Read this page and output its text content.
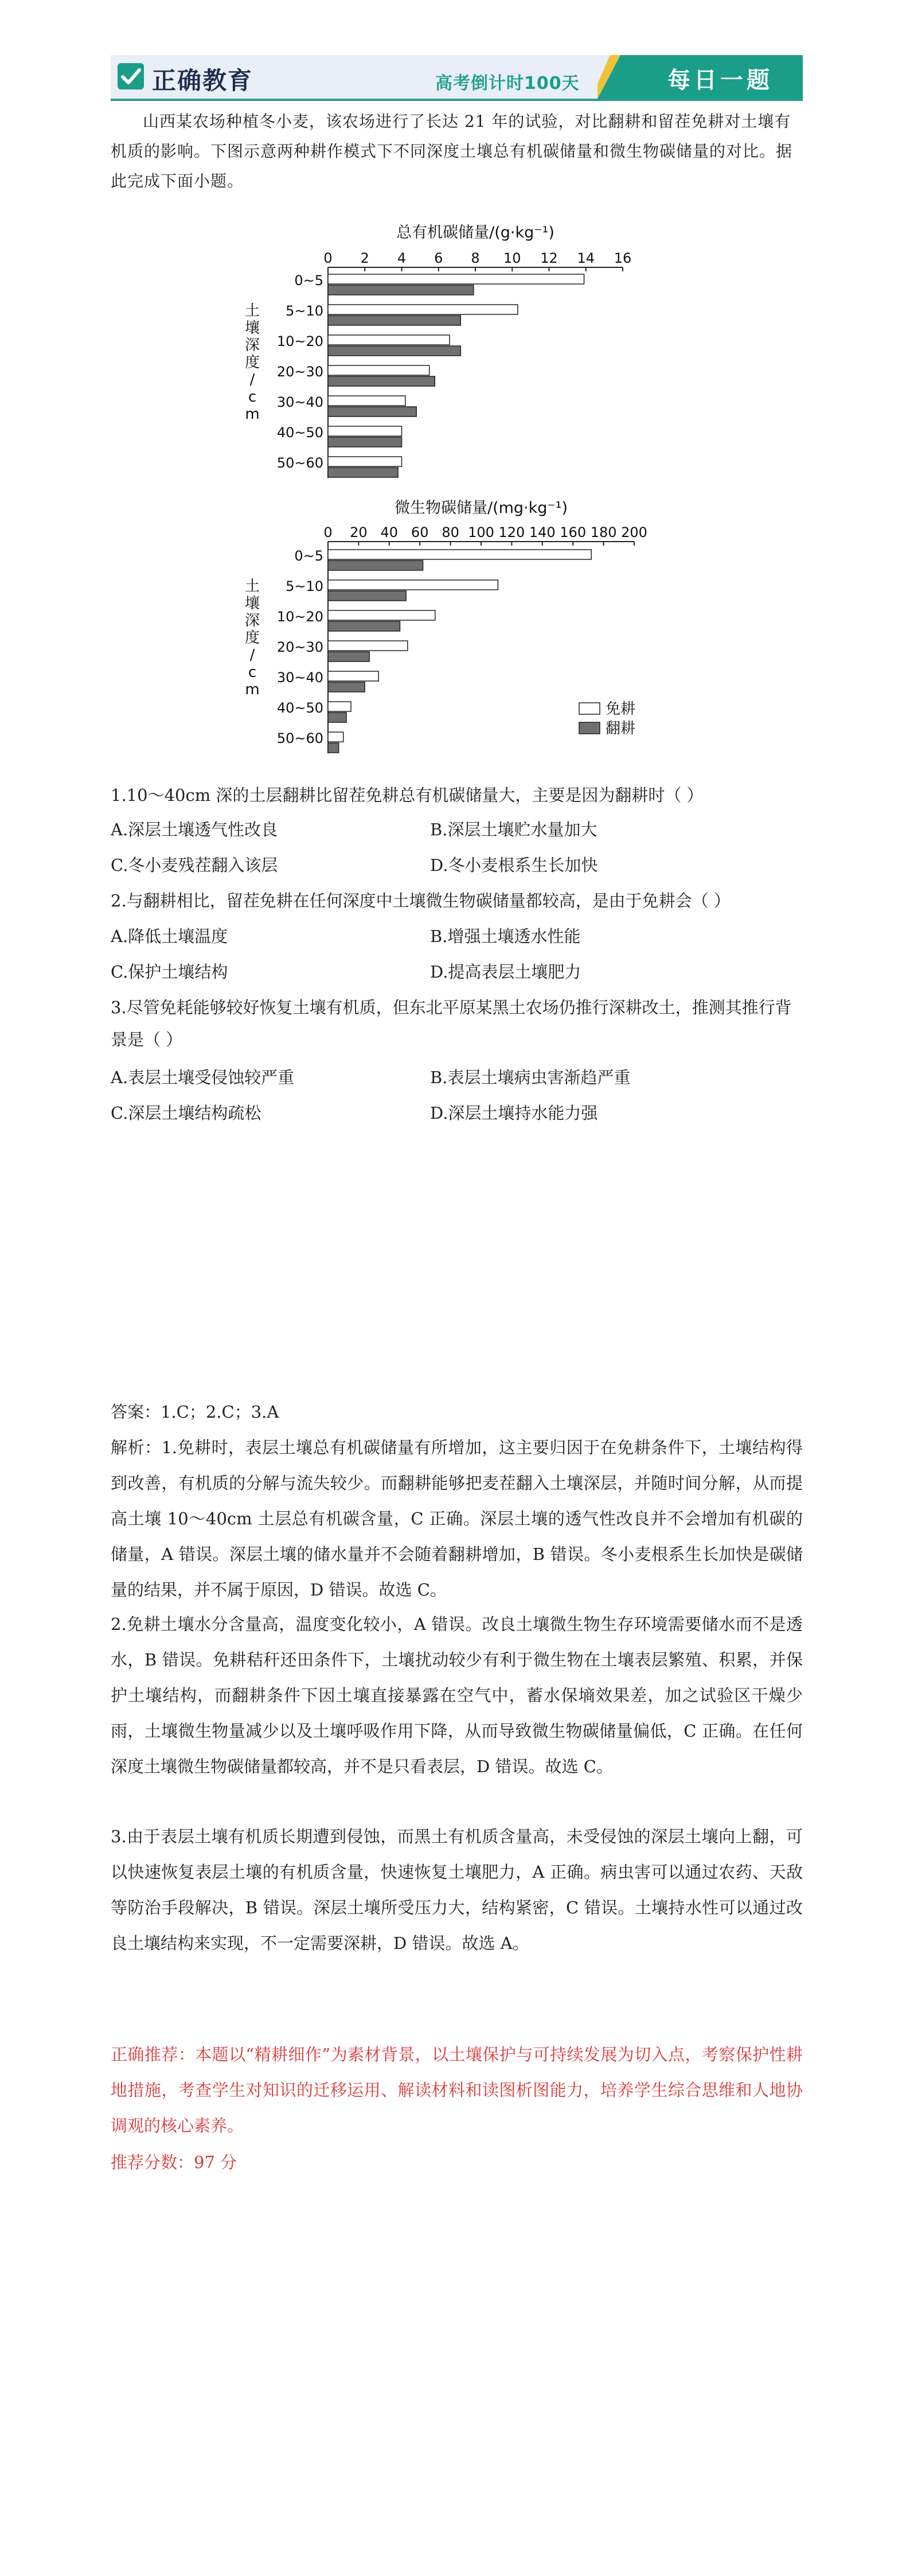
正确教育	高考倒计时100天	每日一题
山西某农场种植冬小麦，该农场进行了长达 21 年的试验，对比翻耕和留茬免耕对土壤有机质的影响。下图示意两种耕作模式下不同深度土壤总有机碳储量和微生物碳储量的对比。据此完成下面小题。
总有机碳储量/(g·kg⁻¹)
0 2 4 6 8 10 12 14 16
土
壤
深
度
/
c
m
0~5
5~10
10~20
20~30
30~40
40~50
50~60
微生物碳储量/(mg·kg⁻¹)
0 20 40 60 80 100 120 140 160 180 200
土
壤
深
度
/
c
m
0~5
5~10
10~20
20~30
30~40
40~50
50~60
免耕
翻耕
1.10～40cm 深的土层翻耕比留茬免耕总有机碳储量大，主要是因为翻耕时（ ）
A.深层土壤透气性改良	B.深层土壤贮水量加大
C.冬小麦残茬翻入该层	D.冬小麦根系生长加快
2.与翻耕相比，留茬免耕在任何深度中土壤微生物碳储量都较高，是由于免耕会（ ）
A.降低土壤温度	B.增强土壤透水性能
C.保护土壤结构	D.提高表层土壤肥力
3.尽管免耗能够较好恢复土壤有机质，但东北平原某黑土农场仍推行深耕改土，推测其推行背景是（ ）
A.表层土壤受侵蚀较严重	B.表层土壤病虫害渐趋严重
C.深层土壤结构疏松	D.深层土壤持水能力强
答案：1.C；2.C；3.A
解析：1.免耕时，表层土壤总有机碳储量有所增加，这主要归因于在免耕条件下，土壤结构得到改善，有机质的分解与流失较少。而翻耕能够把麦茬翻入土壤深层，并随时间分解，从而提高土壤 10～40cm 土层总有机碳含量，C 正确。深层土壤的透气性改良并不会增加有机碳的储量，A 错误。深层土壤的储水量并不会随着翻耕增加，B 错误。冬小麦根系生长加快是碳储量的结果，并不属于原因，D 错误。故选 C。
2.免耕土壤水分含量高，温度变化较小，A 错误。改良土壤微生物生存环境需要储水而不是透水，B 错误。免耕秸秆还田条件下，土壤扰动较少有利于微生物在土壤表层繁殖、积累，并保护土壤结构，而翻耕条件下因土壤直接暴露在空气中，蓄水保墒效果差，加之试验区干燥少雨，土壤微生物量减少以及土壤呼吸作用下降，从而导致微生物碳储量偏低，C 正确。在任何深度土壤微生物碳储量都较高，并不是只看表层，D 错误。故选 C。
3.由于表层土壤有机质长期遭到侵蚀，而黑土有机质含量高，未受侵蚀的深层土壤向上翻，可以快速恢复表层土壤的有机质含量，快速恢复土壤肥力，A 正确。病虫害可以通过农药、天敌等防治手段解决，B 错误。深层土壤所受压力大，结构紧密，C 错误。土壤持水性可以通过改良土壤结构来实现，不一定需要深耕，D 错误。故选 A。
正确推荐：本题以“精耕细作”为素材背景，以土壤保护与可持续发展为切入点，考察保护性耕地措施，考查学生对知识的迁移运用、解读材料和读图析图能力，培养学生综合思维和人地协调观的核心素养。
推荐分数：97 分
